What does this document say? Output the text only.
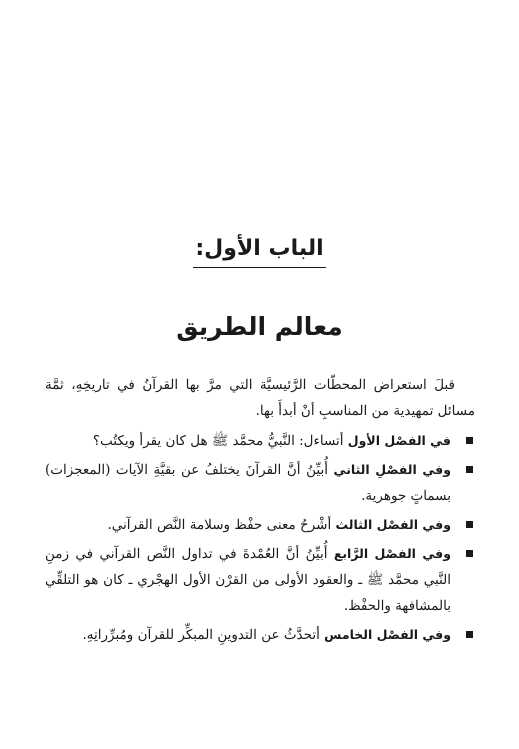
الباب الأول:
معالم الطريق

قبلَ استعراض المحطّات الرَّئيسيَّة التي مرَّ بها القرآنُ في تاريخِهِ، ثمَّة مسائل تمهيدية من المناسبِ أنْ أبدأَ بها.

في الفصْل الأول أتساءل: النَّبيُّ محمَّد ﷺ هل كان يقرأ ويكتُب؟
وفي الفصْلِ الثاني أُبيِّنُ أنَّ القرآنَ يختلفُ عن بقيَّةِ الآيات (المعجزات) بسماتٍ جوهرية.
وفي الفصْل الثالث أشْرحُ معنى حفْظ وسلامة النَّص القرآني.
وفي الفصْل الرَّابع أُبيِّنُ أنَّ العُمْدةَ في تداول النَّص القرآني في زمنِ النَّبي محمَّد ﷺ ـ والعقود الأولى من القرْن الأول الهجْري ـ كان هو التلقِّي بالمشافهة والحفْظ.
وفي الفصْل الخامس أتحدَّثُ عن التدوينِ المبكِّر للقرآن ومُبرِّراتِهِ.
